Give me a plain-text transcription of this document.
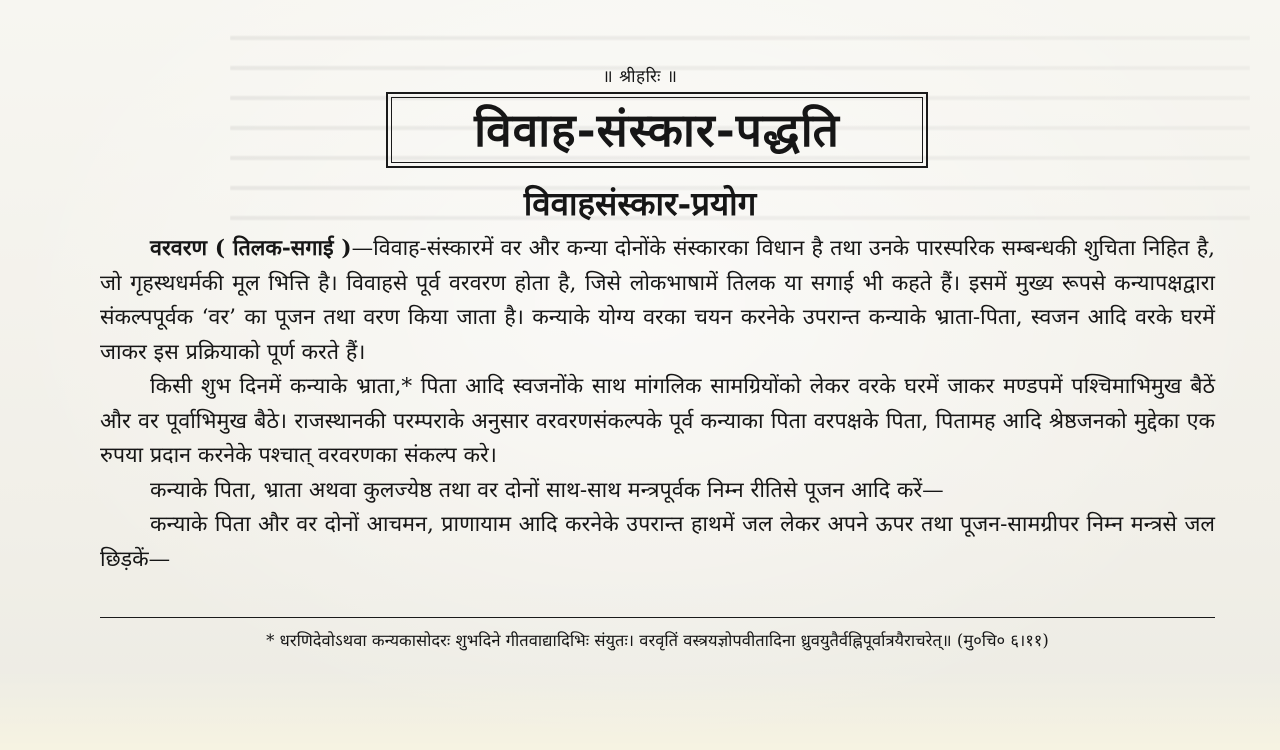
॥ श्रीहरिः ॥
विवाह-संस्कार-पद्धति
विवाहसंस्कार-प्रयोग

वरवरण ( तिलक-सगाई )—विवाह-संस्कारमें वर और कन्या दोनोंके संस्कारका विधान है तथा उनके पारस्परिक सम्बन्धकी शुचिता निहित है, जो गृहस्थधर्मकी मूल भित्ति है। विवाहसे पूर्व वरवरण होता है, जिसे लोकभाषामें तिलक या सगाई भी कहते हैं। इसमें मुख्य रूपसे कन्यापक्षद्वारा संकल्पपूर्वक ‘वर’ का पूजन तथा वरण किया जाता है। कन्याके योग्य वरका चयन करनेके उपरान्त कन्याके भ्राता-पिता, स्वजन आदि वरके घरमें जाकर इस प्रक्रियाको पूर्ण करते हैं।

किसी शुभ दिनमें कन्याके भ्राता,* पिता आदि स्वजनोंके साथ मांगलिक सामग्रियोंको लेकर वरके घरमें जाकर मण्डपमें पश्चिमाभिमुख बैठें और वर पूर्वाभिमुख बैठे। राजस्थानकी परम्पराके अनुसार वरवरणसंकल्पके पूर्व कन्याका पिता वरपक्षके पिता, पितामह आदि श्रेष्ठजनको मुद्देका एक रुपया प्रदान करनेके पश्चात् वरवरणका संकल्प करे।

कन्याके पिता, भ्राता अथवा कुलज्येष्ठ तथा वर दोनों साथ-साथ मन्त्रपूर्वक निम्न रीतिसे पूजन आदि करें—

कन्याके पिता और वर दोनों आचमन, प्राणायाम आदि करनेके उपरान्त हाथमें जल लेकर अपने ऊपर तथा पूजन-सामग्रीपर निम्न मन्त्रसे जल छिड़कें—

* धरणिदेवोऽथवा कन्यकासोदरः शुभदिने गीतवाद्यादिभिः संयुतः। वरवृतिं वस्त्रयज्ञोपवीतादिना ध्रुवयुतैर्वह्निपूर्वात्रयैराचरेत्॥ (मु०चि० ६।११)
